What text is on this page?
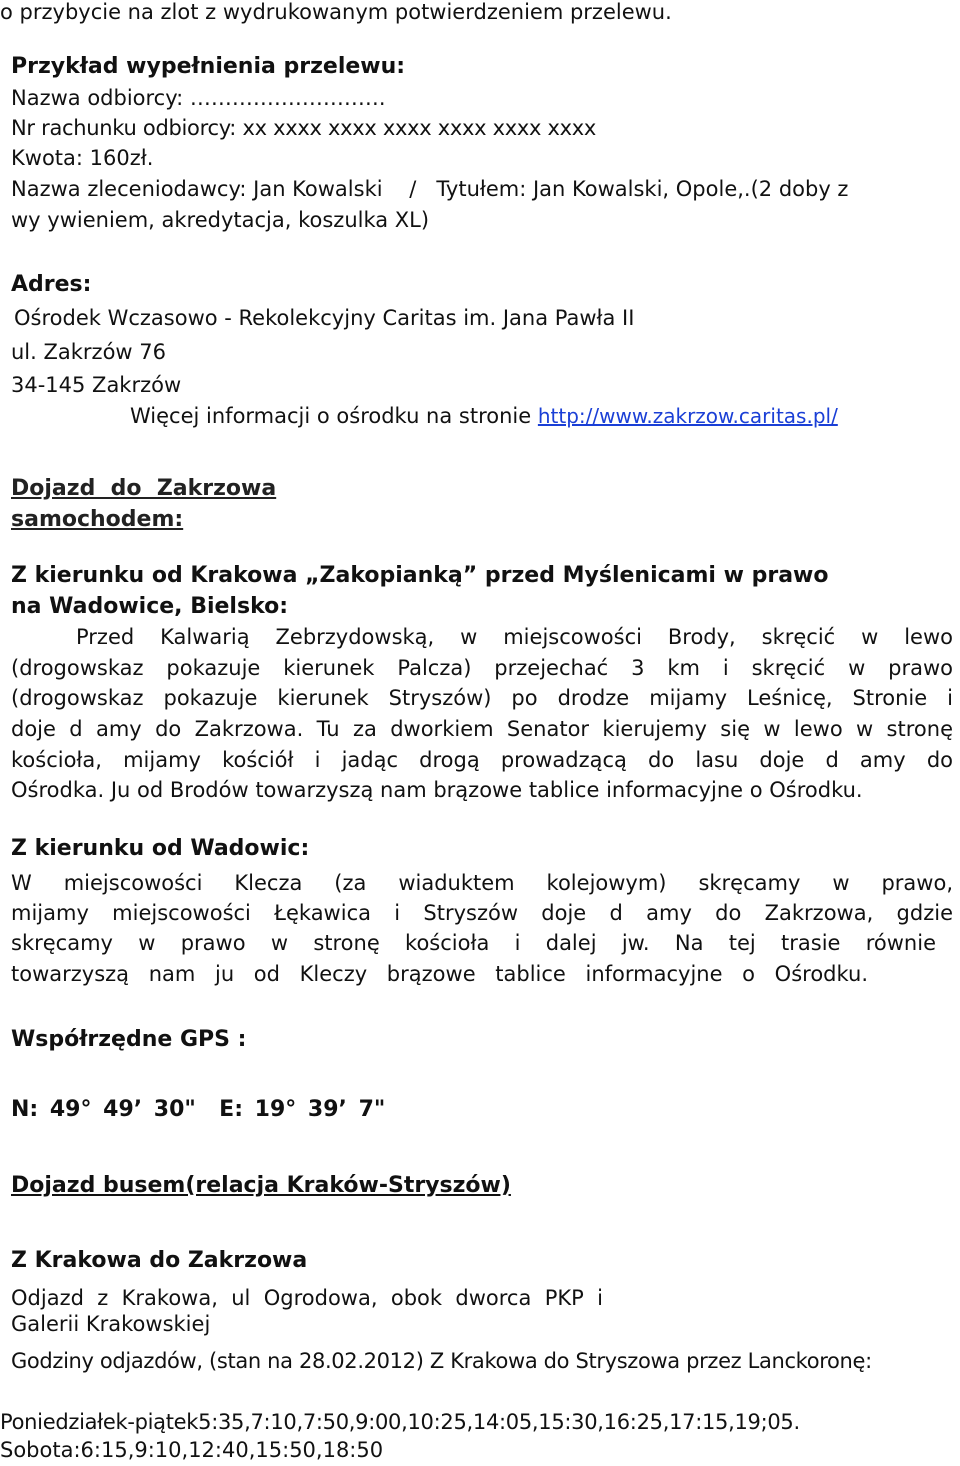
o przybycie na zlot z wydrukowanym potwierdzeniem przelewu.

Przykład wypełnienia przelewu:

Nazwa odbiorcy: ……………………….

Nr rachunku odbiorcy: xx xxxx xxxx xxxx xxxx xxxx xxxx

Kwota: 160zł.

Nazwa zleceniodawcy: Jan Kowalski    /   Tytułem: Jan Kowalski, Opole,.(2 doby z

wy ywieniem, akredytacja, koszulka XL)

Adres:

Ośrodek Wczasowo - Rekolekcyjny Caritas im. Jana Pawła II

ul. Zakrzów 76

34-145 Zakrzów

Więcej informacji o ośrodku na stronie http://www.zakrzow.caritas.pl/

Dojazd  do  Zakrzowa

samochodem:

Z kierunku od Krakowa „Zakopianką” przed Myślenicami w prawo

na Wadowice, Bielsko:

Przed Kalwarią Zebrzydowską, w miejscowości Brody, skręcić w lewo

(drogowskaz pokazuje kierunek Palcza) przejechać 3 km i skręcić w prawo

(drogowskaz pokazuje kierunek Stryszów) po drodze mijamy Leśnicę, Stronie i

doje d amy do Zakrzowa. Tu za dworkiem Senator kierujemy się w lewo w stronę

kościoła, mijamy kościół i jadąc drogą prowadzącą do lasu doje d amy do

Ośrodka. Ju od Brodów towarzyszą nam brązowe tablice informacyjne o Ośrodku.

Z kierunku od Wadowic:

W miejscowości Klecza (za wiaduktem kolejowym) skręcamy w prawo,

mijamy miejscowości Łękawica i Stryszów doje d amy do Zakrzowa, gdzie

skręcamy w prawo w stronę kościoła i dalej jw. Na tej trasie równie

towarzyszą nam ju od Kleczy brązowe tablice informacyjne o Ośrodku.

Współrzędne GPS :

N: 49° 49’ 30"  E: 19° 39’ 7"

Dojazd busem(relacja Kraków-Stryszów)

Z Krakowa do Zakrzowa

Odjazd  z  Krakowa,  ul  Ogrodowa,  obok  dworca  PKP  i

Galerii Krakowskiej

Godziny odjazdów, (stan na 28.02.2012) Z Krakowa do Stryszowa przez Lanckoronę:

Poniedziałek-piątek5:35,7:10,7:50,9:00,10:25,14:05,15:30,16:25,17:15,19;05.

Sobota:6:15,9:10,12:40,15:50,18:50
